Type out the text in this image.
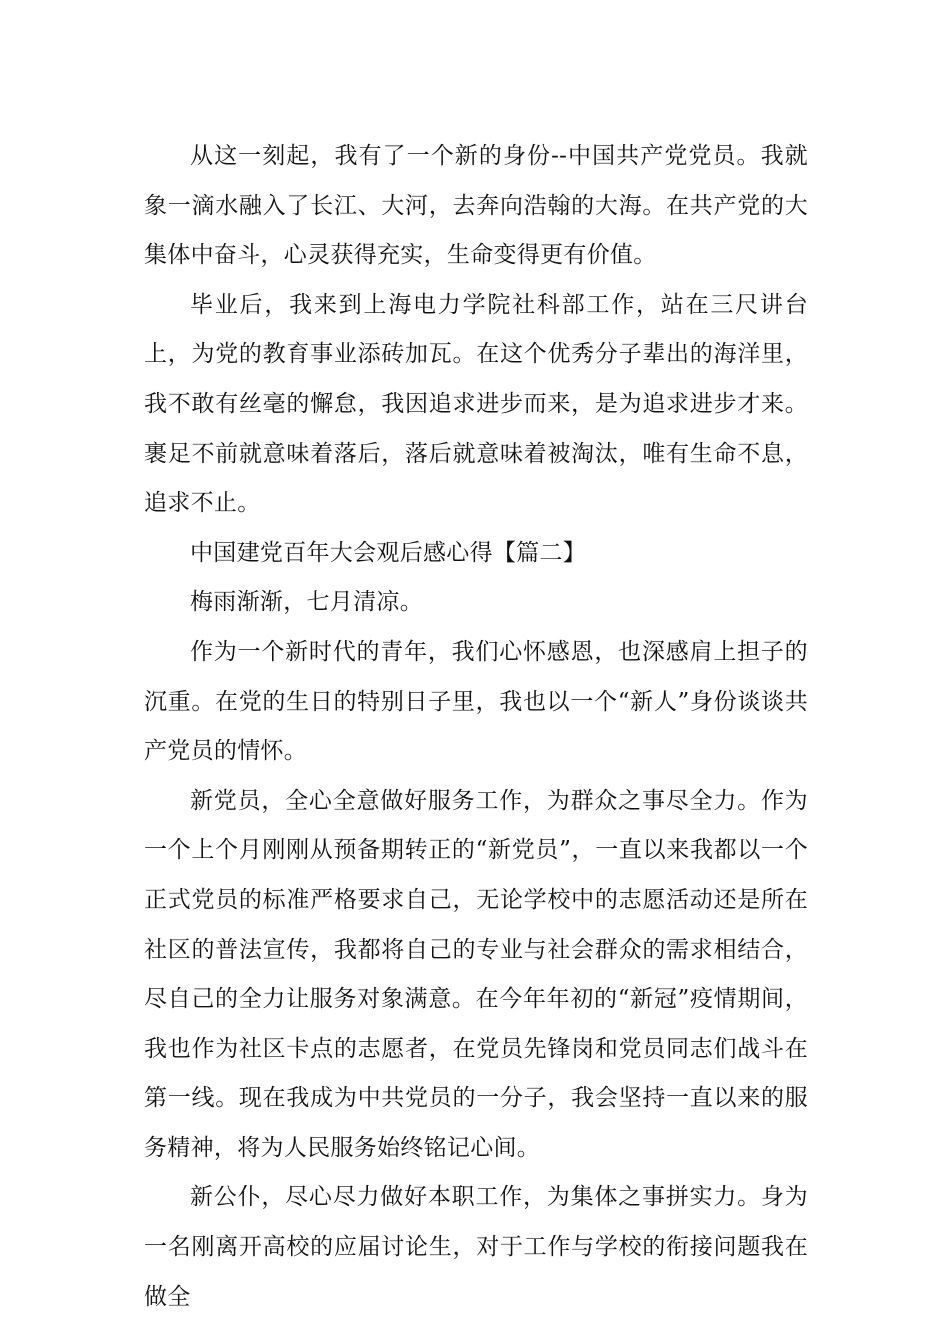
从这一刻起，我有了一个新的身份--中国共产党党员。我就象一滴水融入了长江、大河，去奔向浩翰的大海。在共产党的大集体中奋斗，心灵获得充实，生命变得更有价值。

毕业后，我来到上海电力学院社科部工作，站在三尺讲台上，为党的教育事业添砖加瓦。在这个优秀分子辈出的海洋里，我不敢有丝毫的懈怠，我因追求进步而来，是为追求进步才来。裹足不前就意味着落后，落后就意味着被淘汰，唯有生命不息，追求不止。

中国建党百年大会观后感心得【篇二】

梅雨渐渐，七月清凉。

作为一个新时代的青年，我们心怀感恩，也深感肩上担子的沉重。在党的生日的特别日子里，我也以一个“新人”身份谈谈共产党员的情怀。

新党员，全心全意做好服务工作，为群众之事尽全力。作为一个上个月刚刚从预备期转正的“新党员”，一直以来我都以一个正式党员的标准严格要求自己，无论学校中的志愿活动还是所在社区的普法宣传，我都将自己的专业与社会群众的需求相结合，尽自己的全力让服务对象满意。在今年年初的“新冠”疫情期间，我也作为社区卡点的志愿者，在党员先锋岗和党员同志们战斗在第一线。现在我成为中共党员的一分子，我会坚持一直以来的服务精神，将为人民服务始终铭记心间。

新公仆，尽心尽力做好本职工作，为集体之事拼实力。身为一名刚离开高校的应届讨论生，对于工作与学校的衔接问题我在做全
